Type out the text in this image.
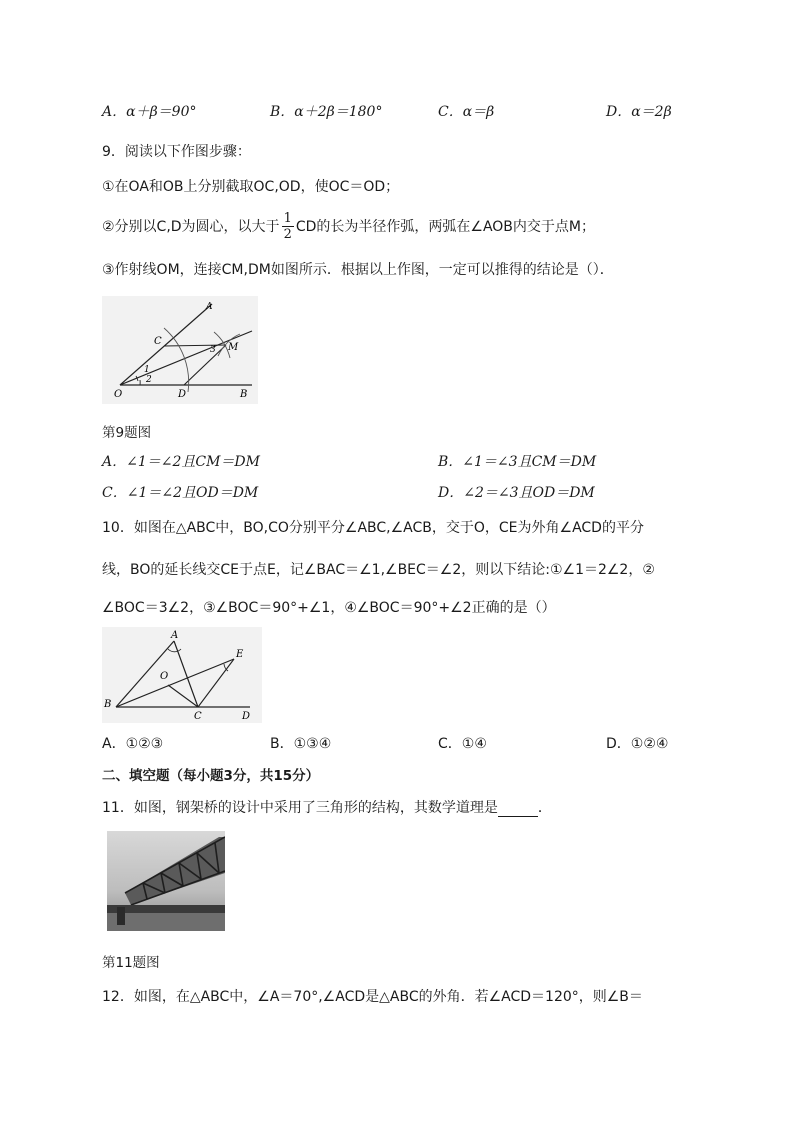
A．α＋β＝90°	B．α＋2β＝180°	C．α＝β	D．α＝2β
9．阅读以下作图步骤：
①在OA和OB上分别截取OC,OD，使OC＝OD；
②分别以C,D为圆心，以大于 $\frac{1}{2}$ CD的长为半径作弧，两弧在∠AOB内交于点M；
③作射线OM，连接CM,DM如图所示．根据以上作图，一定可以推得的结论是（）．
A
C
M
1
2
3
O	D	B
第9题图
A．∠1＝∠2且CM＝DM	B．∠1＝∠3且CM＝DM
C．∠1＝∠2且OD＝DM	D．∠2＝∠3且OD＝DM
10．如图在△ABC中，BO,CO分别平分∠ABC,∠ACB，交于O，CE为外角∠ACD的平分
线，BO的延长线交CE于点E，记∠BAC＝∠1,∠BEC＝∠2，则以下结论:①∠1＝2∠2，②
∠BOC＝3∠2，③∠BOC＝90°+∠1，④∠BOC＝90°+∠2正确的是（）
A
E
O
B
C	D
A．①②③	B．①③④	C．①④	D．①②④
二、填空题（每小题3分，共15分）
11．如图，钢架桥的设计中采用了三角形的结构，其数学道理是	．
第11题图
12．如图，在△ABC中，∠A＝70°,∠ACD是△ABC的外角．若∠ACD＝120°，则∠B＝
